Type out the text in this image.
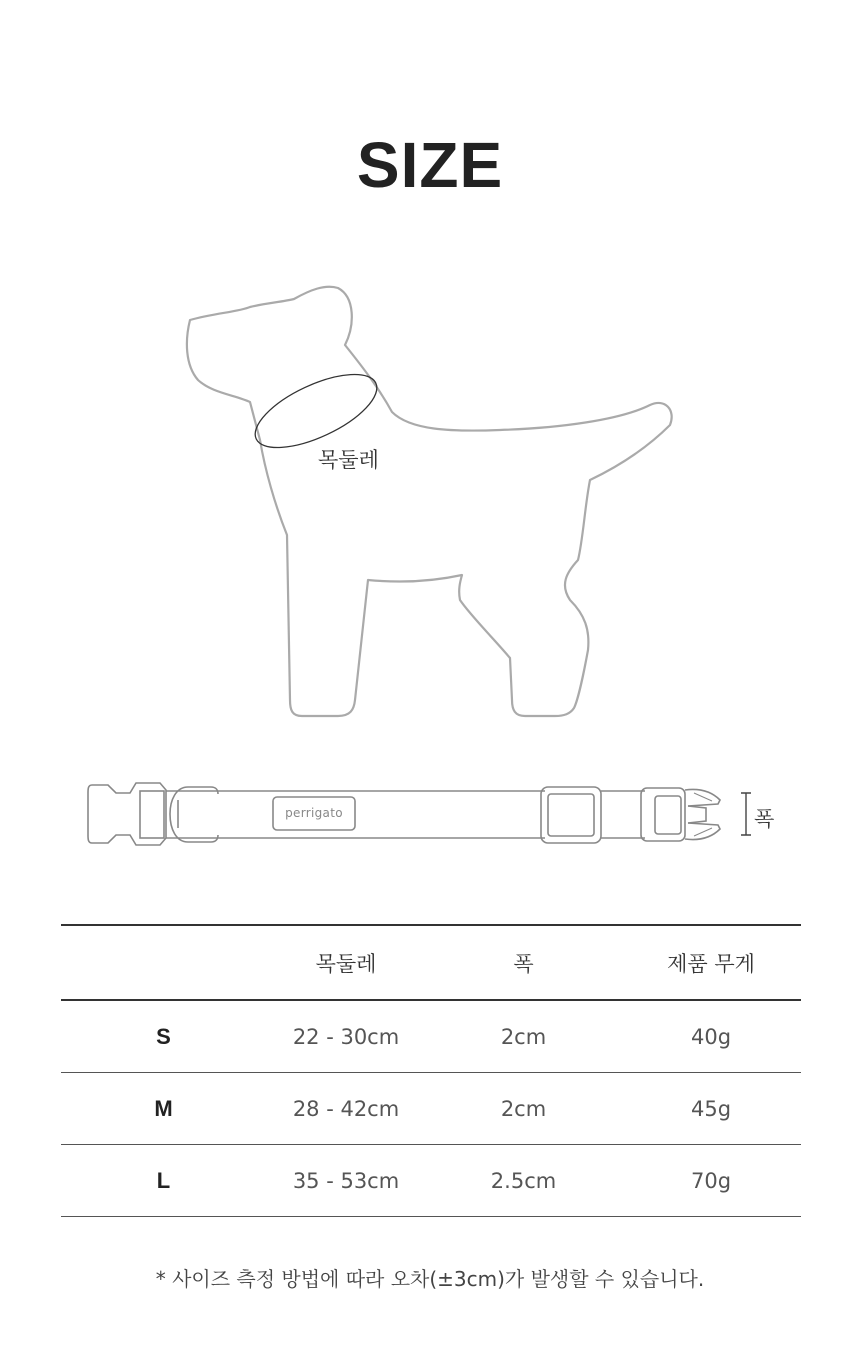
SIZE
목둘레
perrigato	폭
	목둘레	폭	제품 무게
S	22 - 30cm	2cm	40g
M	28 - 42cm	2cm	45g
L	35 - 53cm	2.5cm	70g
* 사이즈 측정 방법에 따라 오차(±3cm)가 발생할 수 있습니다.
